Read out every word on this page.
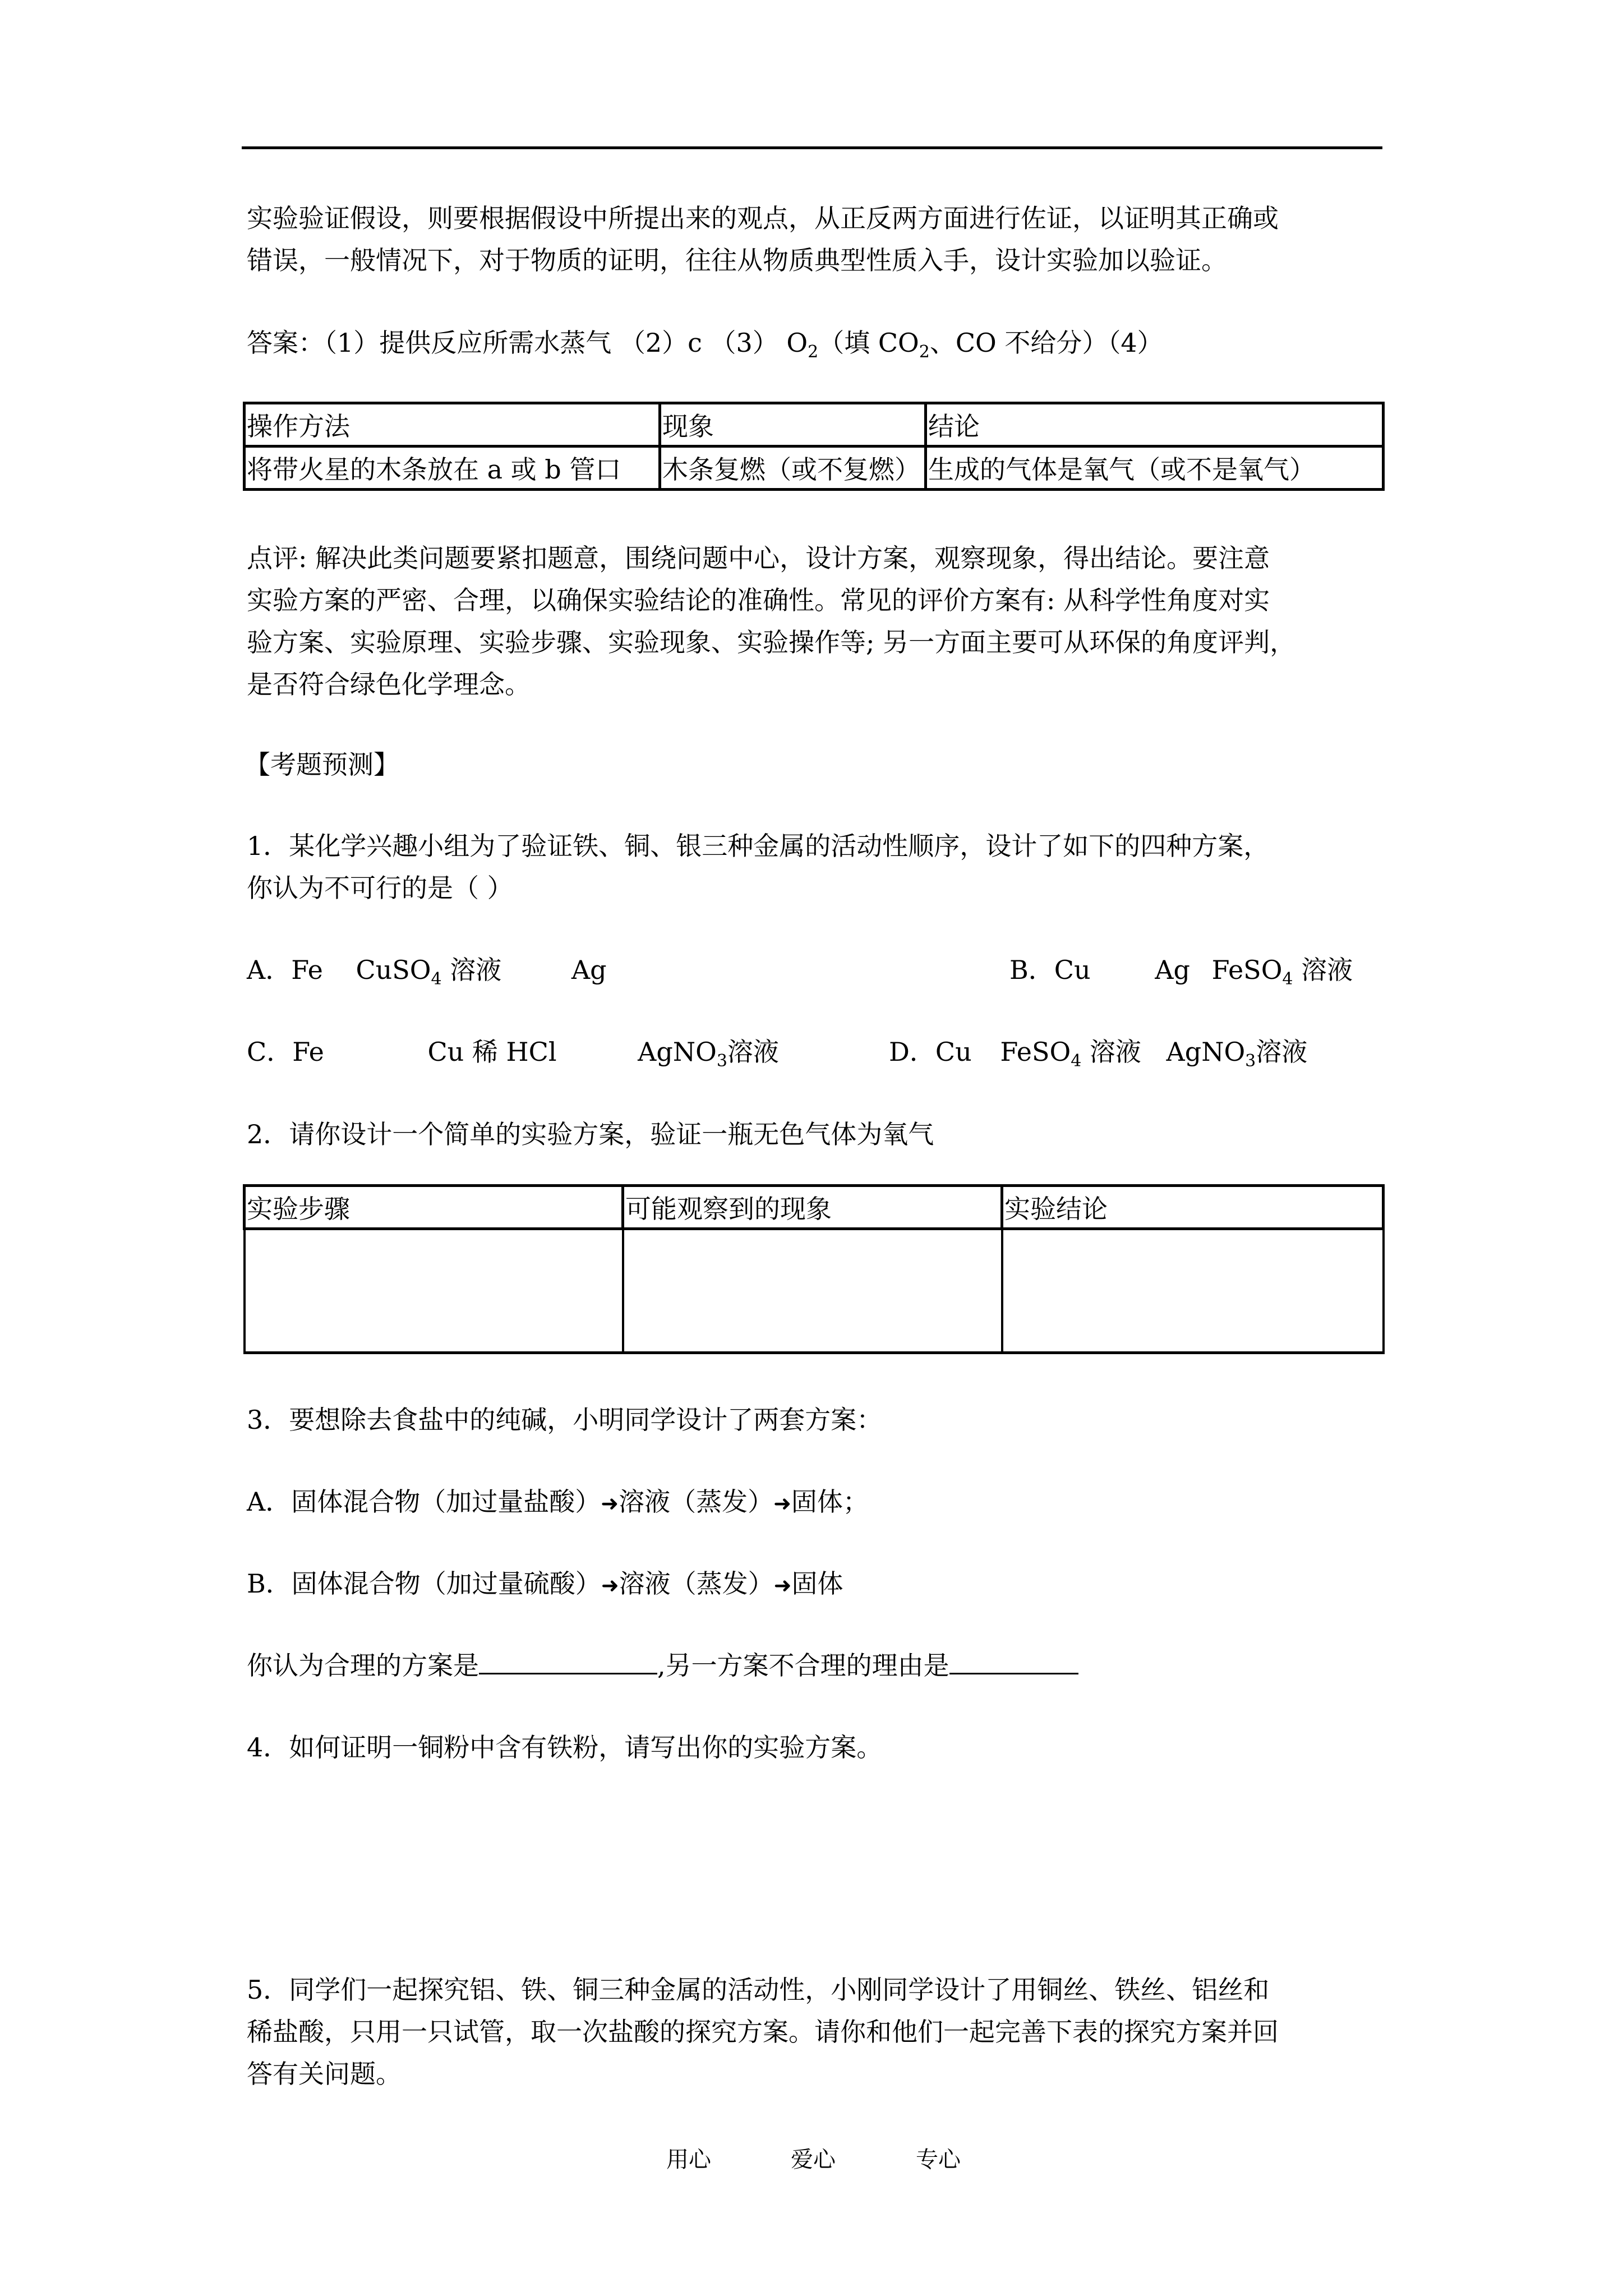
实验验证假设，则要根据假设中所提出来的观点，从正反两方面进行佐证，以证明其正确或
错误，一般情况下，对于物质的证明，往往从物质典型性质入手，设计实验加以验证。
答案：（1）提供反应所需水蒸气 （2）c （3） $O_2$（填 $CO_2$、CO 不给分）（4）
操作方法	现象	结论
将带火星的木条放在 a 或 b 管口	木条复燃（或不复燃）	生成的气体是氧气（或不是氧气）
点评: 解决此类问题要紧扣题意，围绕问题中心，设计方案，观察现象，得出结论。要注意
实验方案的严密、合理，以确保实验结论的准确性。常见的评价方案有: 从科学性角度对实
验方案、实验原理、实验步骤、实验现象、实验操作等; 另一方面主要可从环保的角度评判，
是否符合绿色化学理念。
【考题预测】
1．某化学兴趣小组为了验证铁、铜、银三种金属的活动性顺序，设计了如下的四种方案，
你认为不可行的是（ ）
A．Fe CuSO$_4$ 溶液	Ag	B．Cu Ag FeSO$_4$ 溶液
C．Fe	Cu 稀 HCl	AgNO$_3$溶液	D．Cu FeSO$_4$ 溶液 AgNO$_3$溶液
2．请你设计一个简单的实验方案，验证一瓶无色气体为氧气
实验步骤	可能观察到的现象	实验结论

3．要想除去食盐中的纯碱，小明同学设计了两套方案：
A．固体混合物（加过量盐酸）➜溶液（蒸发）➜固体；
B．固体混合物（加过量硫酸）➜溶液（蒸发）➜固体
你认为合理的方案是	,另一方案不合理的理由是
4．如何证明一铜粉中含有铁粉，请写出你的实验方案。
5．同学们一起探究铝、铁、铜三种金属的活动性，小刚同学设计了用铜丝、铁丝、铝丝和
稀盐酸，只用一只试管，取一次盐酸的探究方案。请你和他们一起完善下表的探究方案并回
答有关问题。
用心	爱心	专心
